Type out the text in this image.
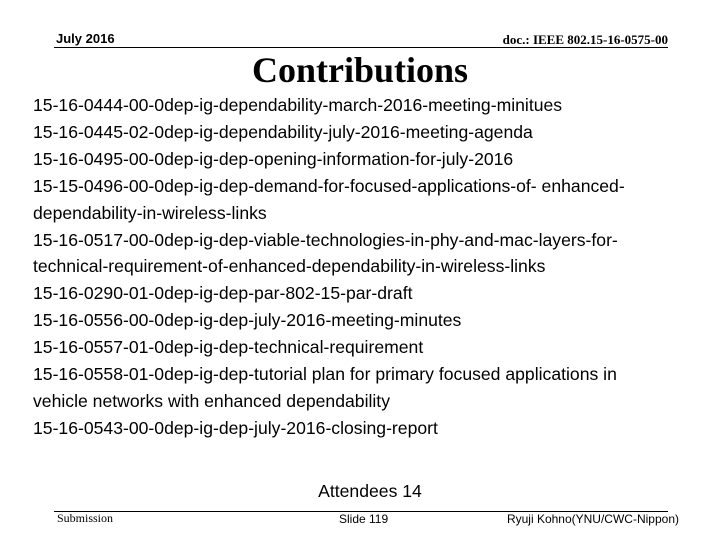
July 2016	doc.: IEEE 802.15-16-0575-00
Contributions
15-16-0444-00-0dep-ig-dependability-march-2016-meeting-minitues
15-16-0445-02-0dep-ig-dependability-july-2016-meeting-agenda
15-16-0495-00-0dep-ig-dep-opening-information-for-july-2016
15-15-0496-00-0dep-ig-dep-demand-for-focused-applications-of- enhanced-
dependability-in-wireless-links
15-16-0517-00-0dep-ig-dep-viable-technologies-in-phy-and-mac-layers-for-
technical-requirement-of-enhanced-dependability-in-wireless-links
15-16-0290-01-0dep-ig-dep-par-802-15-par-draft
15-16-0556-00-0dep-ig-dep-july-2016-meeting-minutes
15-16-0557-01-0dep-ig-dep-technical-requirement
15-16-0558-01-0dep-ig-dep-tutorial plan for primary focused applications in
vehicle networks with enhanced dependability
15-16-0543-00-0dep-ig-dep-july-2016-closing-report
Attendees 14
Submission	Slide 119	Ryuji Kohno(YNU/CWC-Nippon)
